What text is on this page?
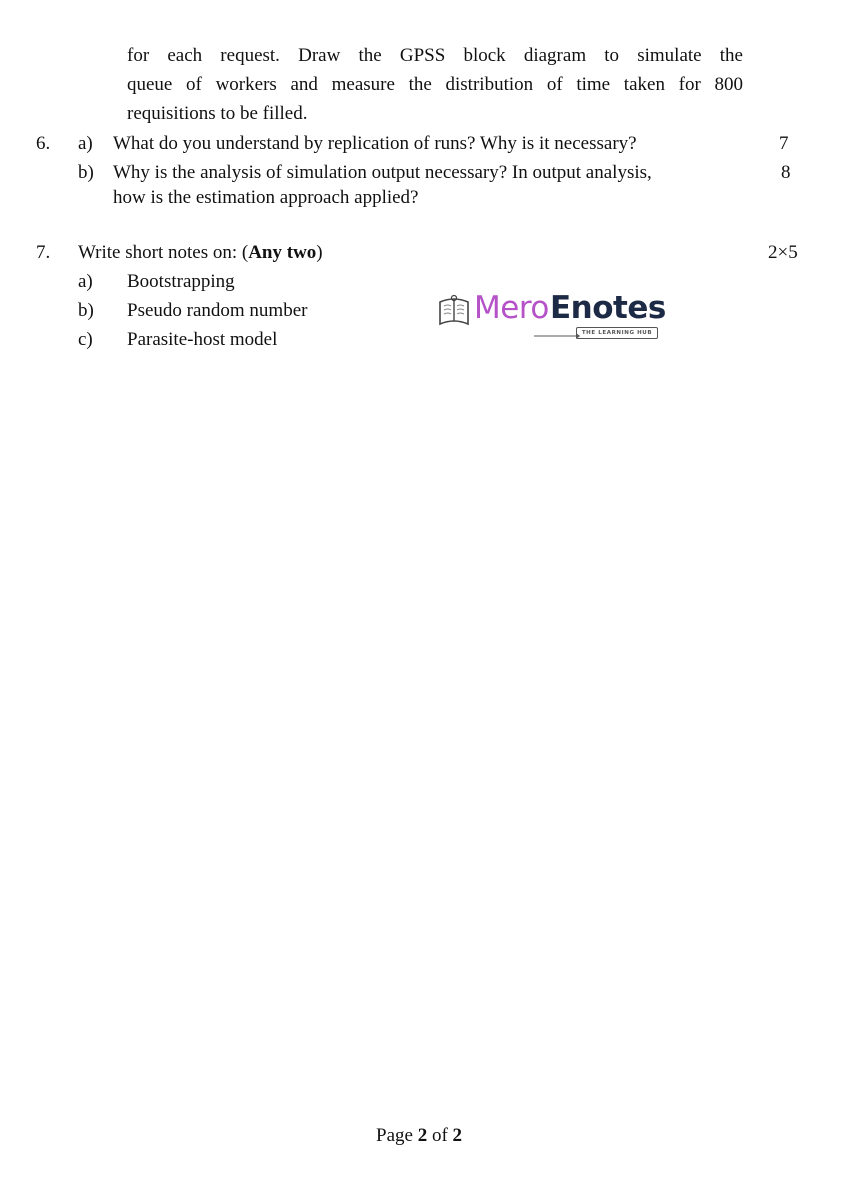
for each request. Draw the GPSS block diagram to simulate the
queue of workers and measure the distribution of time taken for 800
requisitions to be filled.
6. a) What do you understand by replication of runs? Why is it necessary?	7
b) Why is the analysis of simulation output necessary? In output analysis,
how is the estimation approach applied?
8
7. Write short notes on: (Any two)	2×5
a) Bootstrapping
b) Pseudo random number
c) Parasite-host model
Mero Enotes
THE LEARNING HUB
Page 2 of 2
